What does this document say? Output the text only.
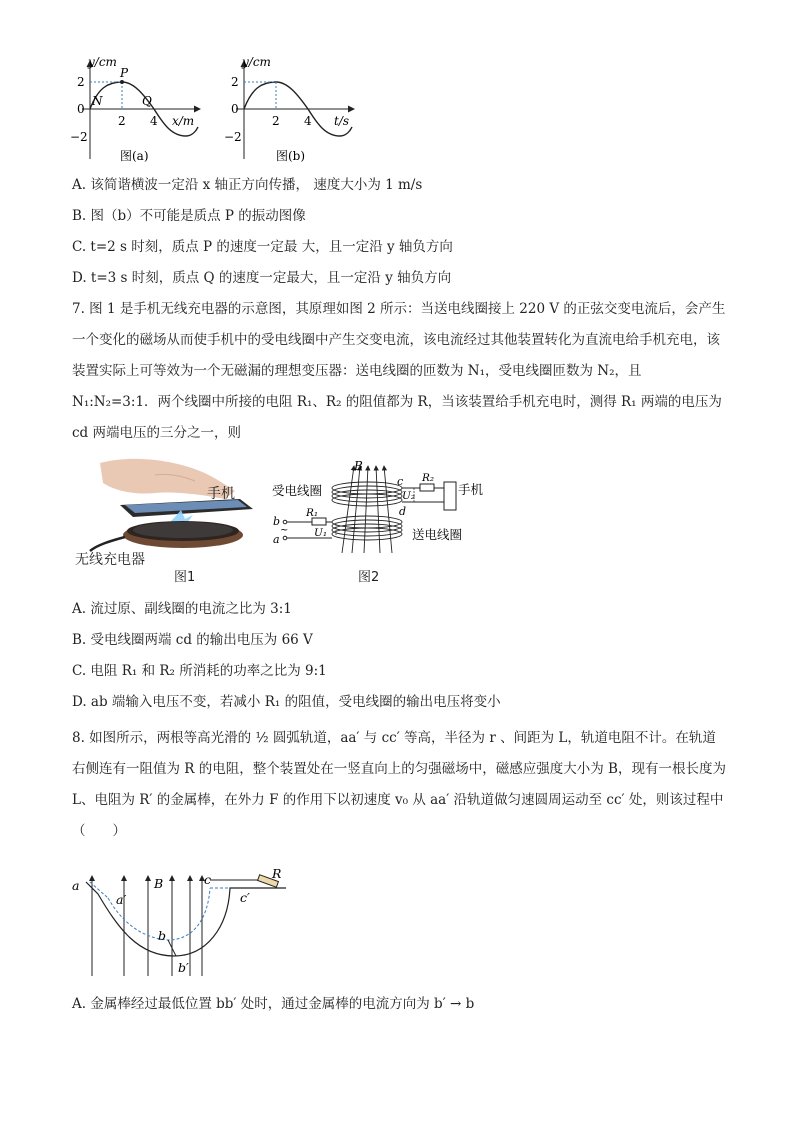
y/cm
x/m
2
0
−2
2 4
P
N	Q
图(a)
y/cm
t/s
2
0
−2
2 4
图(b)
A. 该简谐横波一定沿 x 轴正方向传播， 速度大小为 1 m/s
B. 图（b）不可能是质点 P 的振动图像
C. t=2 s 时刻，质点 P 的速度一定最 大，且一定沿 y 轴负方向
D. t=3 s 时刻，质点 Q 的速度一定最大，且一定沿 y 轴负方向
7. 图 1 是手机无线充电器的示意图，其原理如图 2 所示：当送电线圈接上 220 V 的正弦交变电流后，会产生一个变化的磁场从而使手机中的受电线圈中产生交变电流，该电流经过其他装置转化为直流电给手机充电，该装置实际上可等效为一个无磁漏的理想变压器：送电线圈的匝数为 N₁，受电线圈匝数为 N₂，且 N₁:N₂=3:1．两个线圈中所接的电阻 R₁、R₂ 的阻值都为 R，当该装置给手机充电时，测得 R₁ 两端的电压为 cd 两端电压的三分之一，则
手机
无线充电器
图1
~
受电线圈
送电线圈
手机
B
c
d
b
a
R₂
R₁
U₂
U₁
图2
A. 流过原、副线圈的电流之比为 3:1
B. 受电线圈两端 cd 的输出电压为 66 V
C. 电阻 R₁ 和 R₂ 所消耗的功率之比为 9:1
D. ab 端输入电压不变，若减小 R₁ 的阻值，受电线圈的输出电压将变小
8. 如图所示，两根等高光滑的 ½ 圆弧轨道，aa′ 与 cc′ 等高，半径为 r 、间距为 L，轨道电阻不计。在轨道右侧连有一阻值为 R 的电阻，整个装置处在一竖直向上的匀强磁场中，磁感应强度大小为 B，现有一根长度为 L、电阻为 R′ 的金属棒，在外力 F 的作用下以初速度 v₀ 从 aa′ 沿轨道做匀速圆周运动至 cc′ 处，则该过程中（　　）
a
a′
B
b
b′
c
c′
R
A. 金属棒经过最低位置 bb′ 处时，通过金属棒的电流方向为 b′ → b
